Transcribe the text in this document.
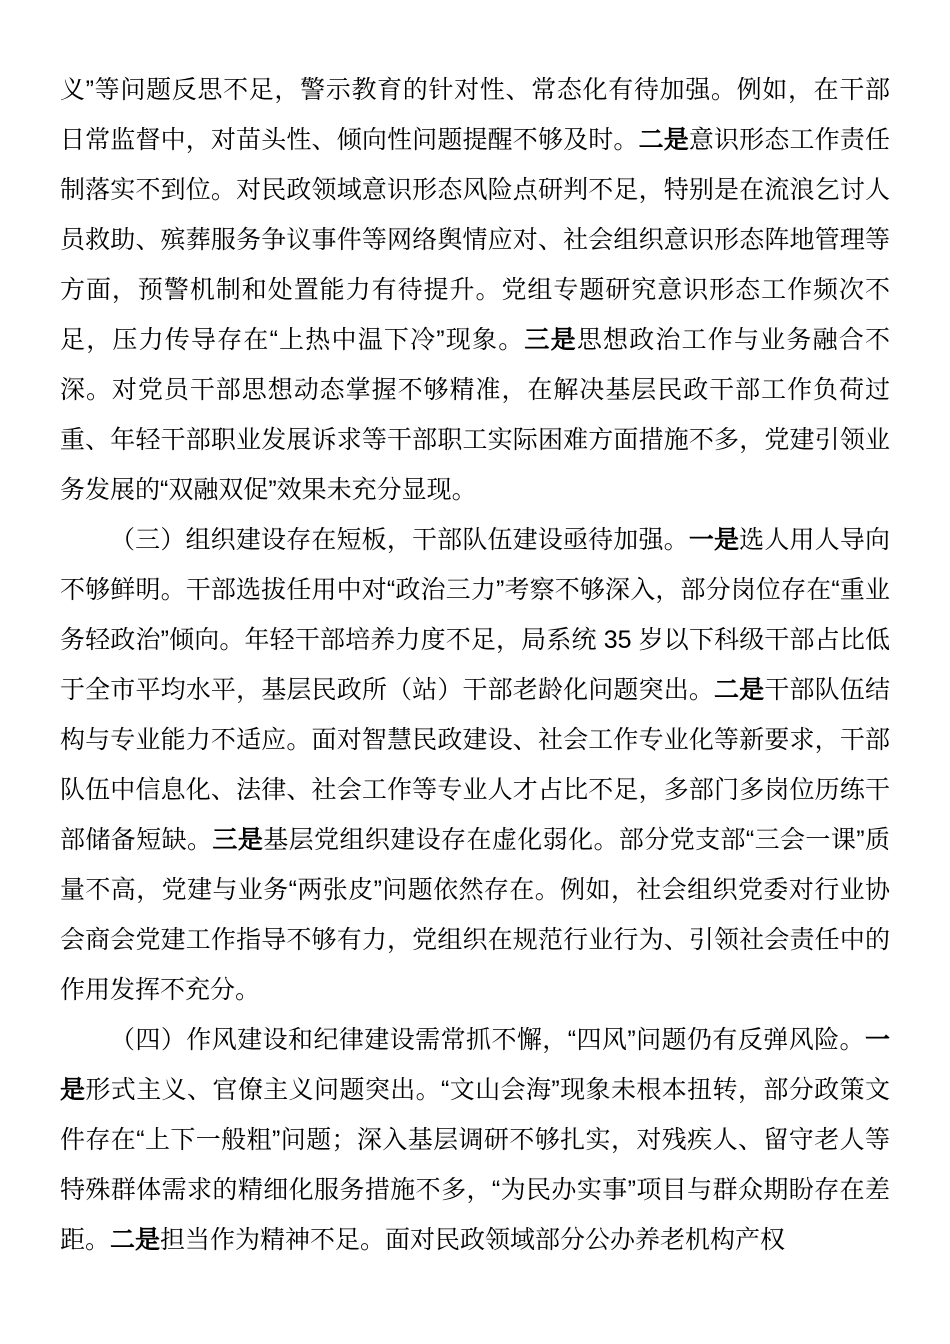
义”等问题反思不足，警示教育的针对性、常态化有待加强。例如，在干部日常监督中，对苗头性、倾向性问题提醒不够及时。二是意识形态工作责任制落实不到位。对民政领域意识形态风险点研判不足，特别是在流浪乞讨人员救助、殡葬服务争议事件等网络舆情应对、社会组织意识形态阵地管理等方面，预警机制和处置能力有待提升。党组专题研究意识形态工作频次不足，压力传导存在“上热中温下冷”现象。三是思想政治工作与业务融合不深。对党员干部思想动态掌握不够精准，在解决基层民政干部工作负荷过重、年轻干部职业发展诉求等干部职工实际困难方面措施不多，党建引领业务发展的“双融双促”效果未充分显现。

（三）组织建设存在短板，干部队伍建设亟待加强。一是选人用人导向不够鲜明。干部选拔任用中对“政治三力”考察不够深入，部分岗位存在“重业务轻政治”倾向。年轻干部培养力度不足，局系统 35 岁以下科级干部占比低于全市平均水平，基层民政所（站）干部老龄化问题突出。二是干部队伍结构与专业能力不适应。面对智慧民政建设、社会工作专业化等新要求，干部队伍中信息化、法律、社会工作等专业人才占比不足，多部门多岗位历练干部储备短缺。三是基层党组织建设存在虚化弱化。部分党支部“三会一课”质量不高，党建与业务“两张皮”问题依然存在。例如，社会组织党委对行业协会商会党建工作指导不够有力，党组织在规范行业行为、引领社会责任中的作用发挥不充分。

（四）作风建设和纪律建设需常抓不懈，“四风”问题仍有反弹风险。一是形式主义、官僚主义问题突出。“文山会海”现象未根本扭转，部分政策文件存在“上下一般粗”问题；深入基层调研不够扎实，对残疾人、留守老人等特殊群体需求的精细化服务措施不多，“为民办实事”项目与群众期盼存在差距。二是担当作为精神不足。面对民政领域部分公办养老机构产权
